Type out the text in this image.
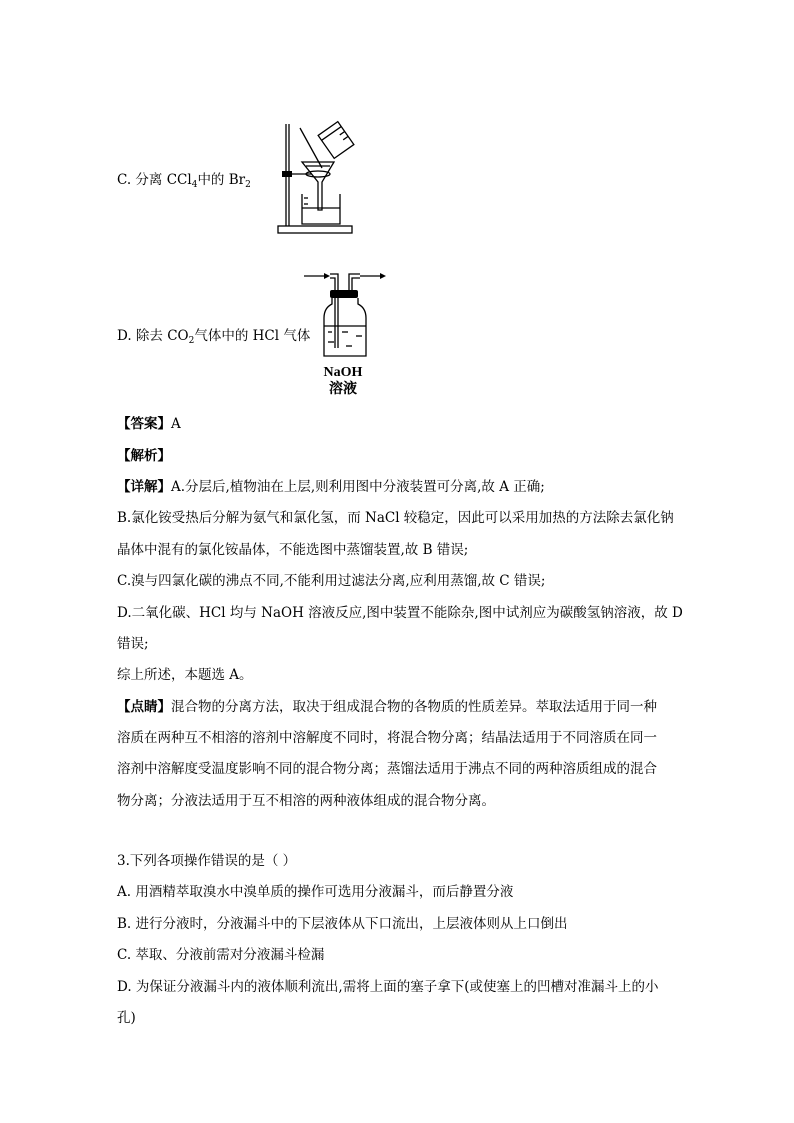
C. 分离 CCl$_4$中的 $Br_2$
D. 除去 $CO_2$气体中的 HCl 气体
NaOH
溶液
【答案】A
【解析】
【详解】A.分层后,植物油在上层,则利用图中分液装置可分离,故 A 正确;
B.氯化铵受热后分解为氨气和氯化氢，而 NaCl 较稳定，因此可以采用加热的方法除去氯化钠
晶体中混有的氯化铵晶体，不能选图中蒸馏装置,故 B 错误;
C.溴与四氯化碳的沸点不同,不能利用过滤法分离,应利用蒸馏,故 C 错误;
D.二氧化碳、HCl 均与 NaOH 溶液反应,图中装置不能除杂,图中试剂应为碳酸氢钠溶液，故 D
错误;
综上所述，本题选 A。
【点睛】混合物的分离方法，取决于组成混合物的各物质的性质差异。萃取法适用于同一种
溶质在两种互不相溶的溶剂中溶解度不同时，将混合物分离；结晶法适用于不同溶质在同一
溶剂中溶解度受温度影响不同的混合物分离；蒸馏法适用于沸点不同的两种溶质组成的混合
物分离；分液法适用于互不相溶的两种液体组成的混合物分离。
3.下列各项操作错误的是（ ）
A. 用酒精萃取溴水中溴单质的操作可选用分液漏斗，而后静置分液
B. 进行分液时，分液漏斗中的下层液体从下口流出，上层液体则从上口倒出
C. 萃取、分液前需对分液漏斗检漏
D. 为保证分液漏斗内的液体顺利流出,需将上面的塞子拿下(或使塞上的凹槽对准漏斗上的小
孔)
